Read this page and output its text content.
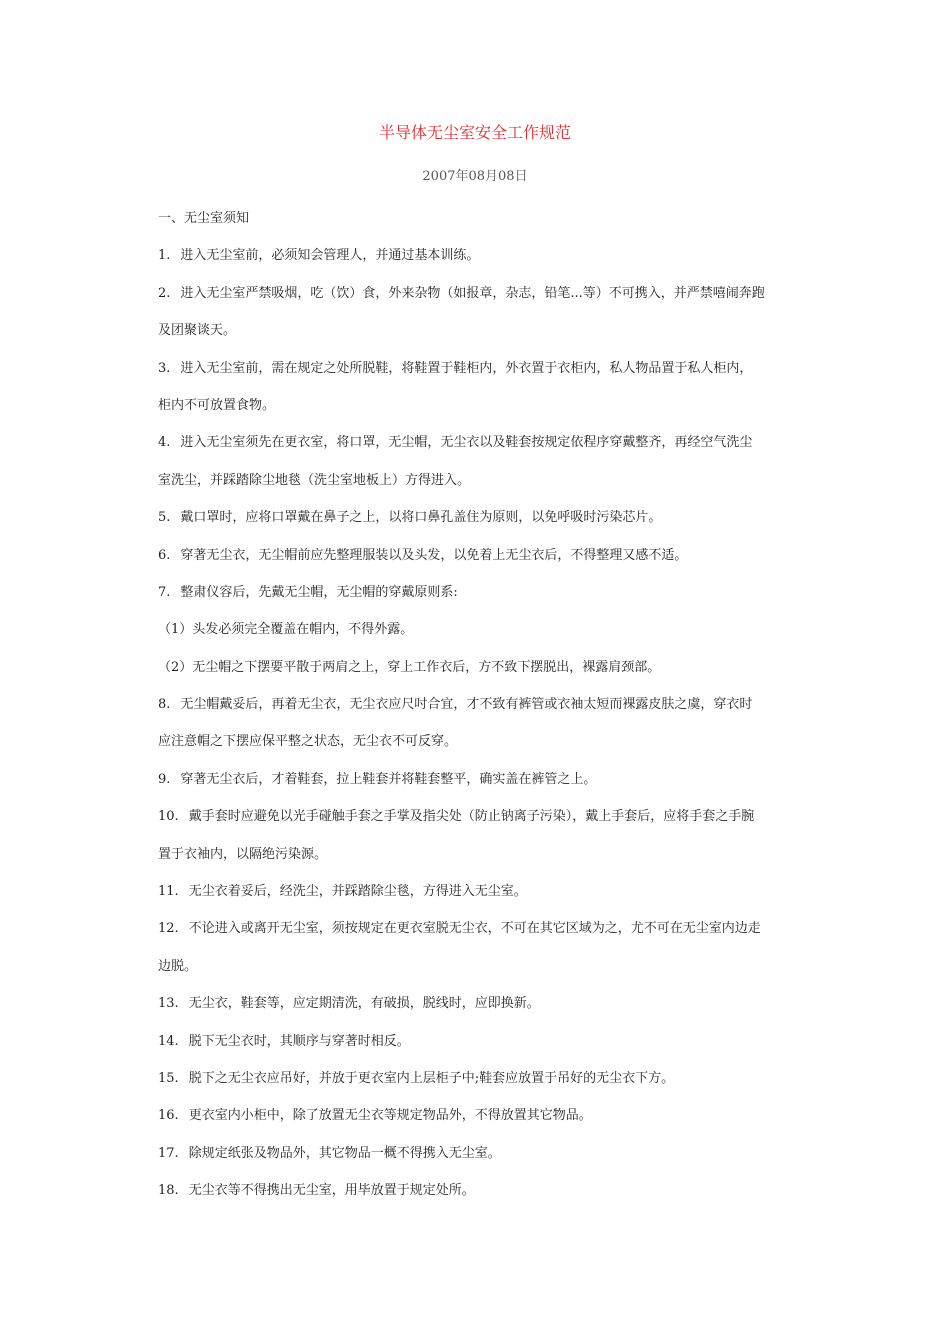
半导体无尘室安全工作规范
2007年08月08日
一、无尘室须知
1. 进入无尘室前，必须知会管理人，并通过基本训练。
2. 进入无尘室严禁吸烟，吃（饮）食，外来杂物（如报章，杂志，铅笔...等）不可携入，并严禁嘻闹奔跑
及团聚谈天。
3. 进入无尘室前，需在规定之处所脱鞋，将鞋置于鞋柜内，外衣置于衣柜内，私人物品置于私人柜内，
柜内不可放置食物。
4. 进入无尘室须先在更衣室，将口罩，无尘帽，无尘衣以及鞋套按规定依程序穿戴整齐，再经空气洗尘
室洗尘，并踩踏除尘地毯（洗尘室地板上）方得进入。
5. 戴口罩时，应将口罩戴在鼻子之上，以将口鼻孔盖住为原则，以免呼吸时污染芯片。
6. 穿著无尘衣，无尘帽前应先整理服装以及头发，以免着上无尘衣后，不得整理又感不适。
7. 整肃仪容后，先戴无尘帽，无尘帽的穿戴原则系:
（1）头发必须完全覆盖在帽内，不得外露。
（2）无尘帽之下摆要平散于两肩之上，穿上工作衣后，方不致下摆脱出，裸露肩颈部。
8. 无尘帽戴妥后，再着无尘衣，无尘衣应尺吋合宜，才不致有裤管或衣袖太短而裸露皮肤之虞，穿衣时
应注意帽之下摆应保平整之状态，无尘衣不可反穿。
9. 穿著无尘衣后，才着鞋套，拉上鞋套并将鞋套整平，确实盖在裤管之上。
10. 戴手套时应避免以光手碰触手套之手掌及指尖处（防止钠离子污染），戴上手套后，应将手套之手腕
置于衣袖内，以隔绝污染源。
11. 无尘衣着妥后，经洗尘，并踩踏除尘毯，方得进入无尘室。
12. 不论进入或离开无尘室，须按规定在更衣室脱无尘衣，不可在其它区域为之，尤不可在无尘室内边走
边脱。
13. 无尘衣，鞋套等，应定期清洗，有破损，脱线时，应即换新。
14. 脱下无尘衣时，其顺序与穿著时相反。
15. 脱下之无尘衣应吊好，并放于更衣室内上层柜子中;鞋套应放置于吊好的无尘衣下方。
16. 更衣室内小柜中，除了放置无尘衣等规定物品外，不得放置其它物品。
17. 除规定纸张及物品外，其它物品一概不得携入无尘室。
18. 无尘衣等不得携出无尘室，用毕放置于规定处所。
